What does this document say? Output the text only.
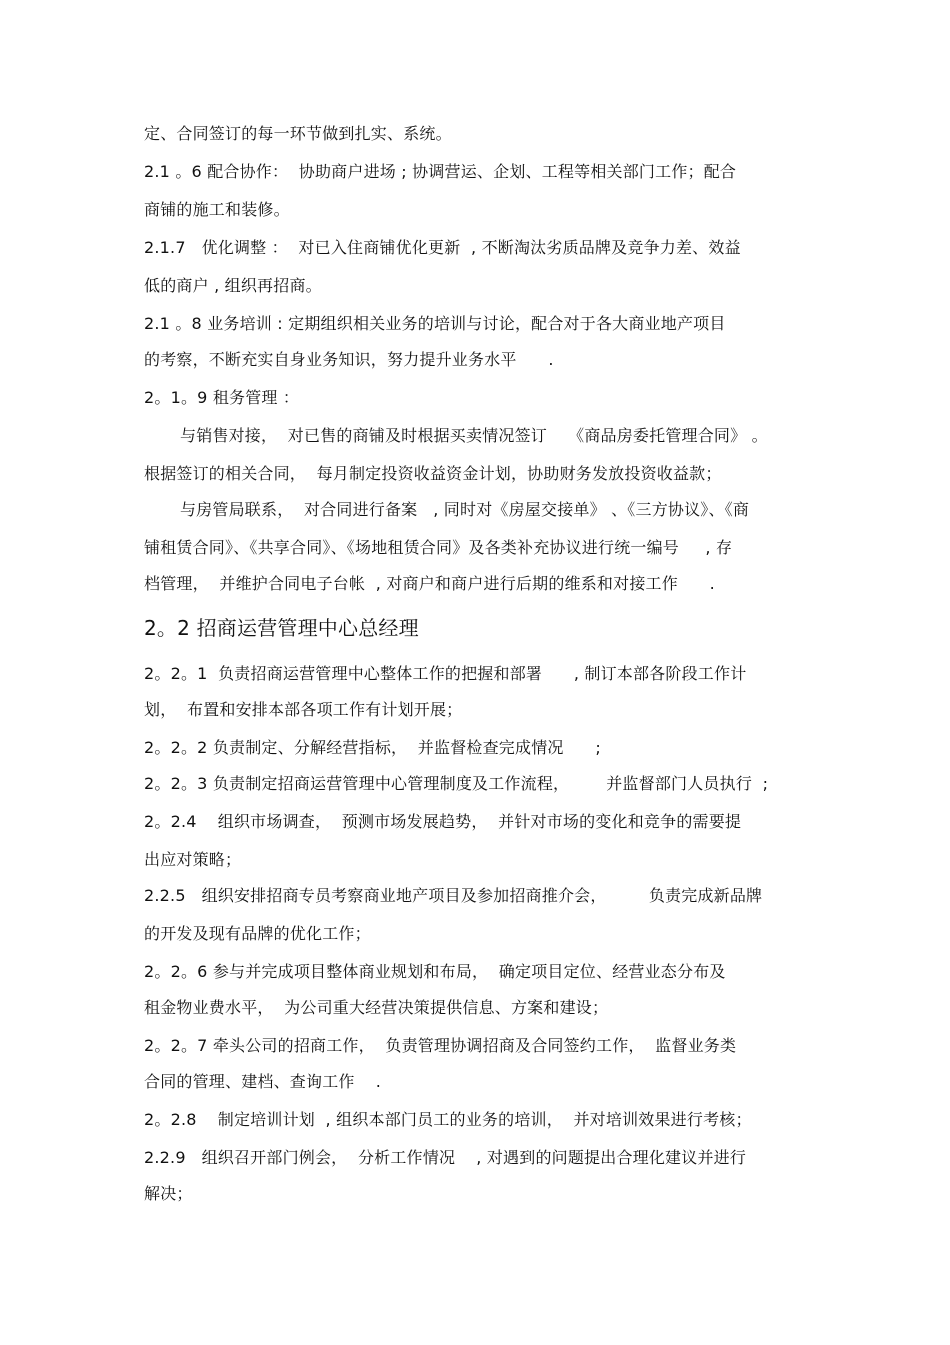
定、合同签订的每一环节做到扎实、系统。
2.1 。6 配合协作：  协助商户进场 ; 协调营运、企划、工程等相关部门工作；配合
商铺的施工和装修。
2.1.7   优化调整 ：  对已入住商铺优化更新  , 不断淘汰劣质品牌及竞争力差、效益
低的商户 , 组织再招商。
2.1 。8 业务培训 : 定期组织相关业务的培训与讨论，配合对于各大商业地产项目
的考察，不断充实自身业务知识，努力提升业务水平      .
2。1。9 租务管理 ：
与销售对接，  对已售的商铺及时根据买卖情况签订    《商品房委托管理合同》 。
根据签订的相关合同，  每月制定投资收益资金计划，协助财务发放投资收益款；
与房管局联系，  对合同进行备案   , 同时对《房屋交接单》 、《三方协议》、《商
铺租赁合同》、《共享合同》、《场地租赁合同》及各类补充协议进行统一编号     , 存
档管理，  并维护合同电子台帐  , 对商户和商户进行后期的维系和对接工作      .
2。2 招商运营管理中心总经理
2。2。1  负责招商运营管理中心整体工作的把握和部署      , 制订本部各阶段工作计
划，  布置和安排本部各项工作有计划开展；
2。2。2 负责制定、分解经营指标，  并监督检查完成情况      ;
2。2。3 负责制定招商运营管理中心管理制度及工作流程，       并监督部门人员执行  ;
2。2.4    组织市场调查，  预测市场发展趋势，  并针对市场的变化和竞争的需要提
出应对策略；
2.2.5   组织安排招商专员考察商业地产项目及参加招商推介会，        负责完成新品牌
的开发及现有品牌的优化工作；
2。2。6 参与并完成项目整体商业规划和布局，  确定项目定位、经营业态分布及
租金物业费水平，  为公司重大经营决策提供信息、方案和建设；
2。2。7 牵头公司的招商工作，  负责管理协调招商及合同签约工作，  监督业务类
合同的管理、建档、查询工作    .
2。2.8    制定培训计划  , 组织本部门员工的业务的培训，  并对培训效果进行考核；
2.2.9   组织召开部门例会，  分析工作情况    , 对遇到的问题提出合理化建议并进行
解决；
